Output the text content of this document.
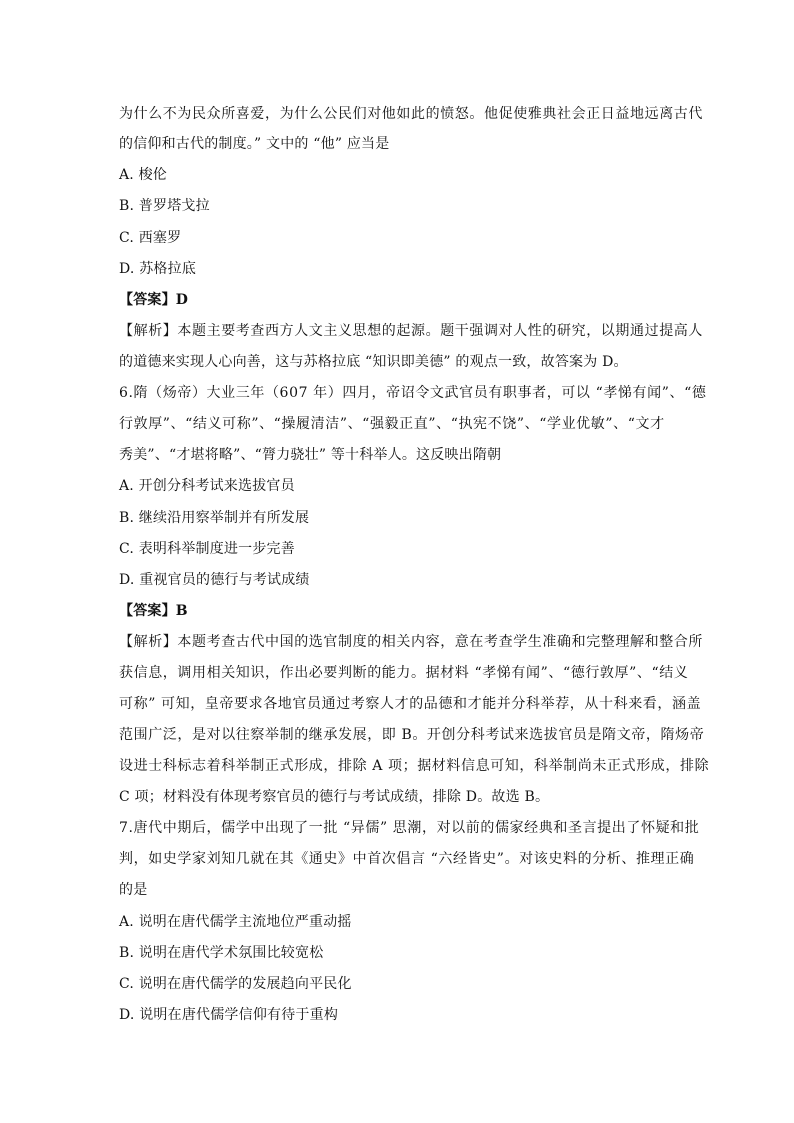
为什么不为民众所喜爱，为什么公民们对他如此的愤怒。他促使雅典社会正日益地远离古代
的信仰和古代的制度。” 文中的 “他” 应当是
A. 梭伦
B. 普罗塔戈拉
C. 西塞罗
D. 苏格拉底
【答案】D
【解析】本题主要考查西方人文主义思想的起源。题干强调对人性的研究，以期通过提高人
的道德来实现人心向善，这与苏格拉底 “知识即美德” 的观点一致，故答案为 D。
6.隋（炀帝）大业三年（607 年）四月，帝诏令文武官员有职事者，可以 “孝悌有闻”、“德
行敦厚”、“结义可称”、“操履清洁”、“强毅正直”、“执宪不饶”、“学业优敏”、“文才
秀美”、“才堪将略”、“膂力骁壮” 等十科举人。这反映出隋朝
A. 开创分科考试来选拔官员
B. 继续沿用察举制并有所发展
C. 表明科举制度进一步完善
D. 重视官员的德行与考试成绩
【答案】B
【解析】本题考查古代中国的选官制度的相关内容，意在考查学生准确和完整理解和整合所
获信息，调用相关知识，作出必要判断的能力。据材料 “孝悌有闻”、“德行敦厚”、“结义
可称” 可知，皇帝要求各地官员通过考察人才的品德和才能并分科举荐，从十科来看，涵盖
范围广泛，是对以往察举制的继承发展，即 B。开创分科考试来选拔官员是隋文帝，隋炀帝
设进士科标志着科举制正式形成，排除 A 项；据材料信息可知，科举制尚未正式形成，排除
C 项；材料没有体现考察官员的德行与考试成绩，排除 D。故选 B。
7.唐代中期后，儒学中出现了一批 “异儒” 思潮，对以前的儒家经典和圣言提出了怀疑和批
判，如史学家刘知几就在其《通史》中首次倡言 “六经皆史”。对该史料的分析、推理正确
的是
A. 说明在唐代儒学主流地位严重动摇
B. 说明在唐代学术氛围比较宽松
C. 说明在唐代儒学的发展趋向平民化
D. 说明在唐代儒学信仰有待于重构
